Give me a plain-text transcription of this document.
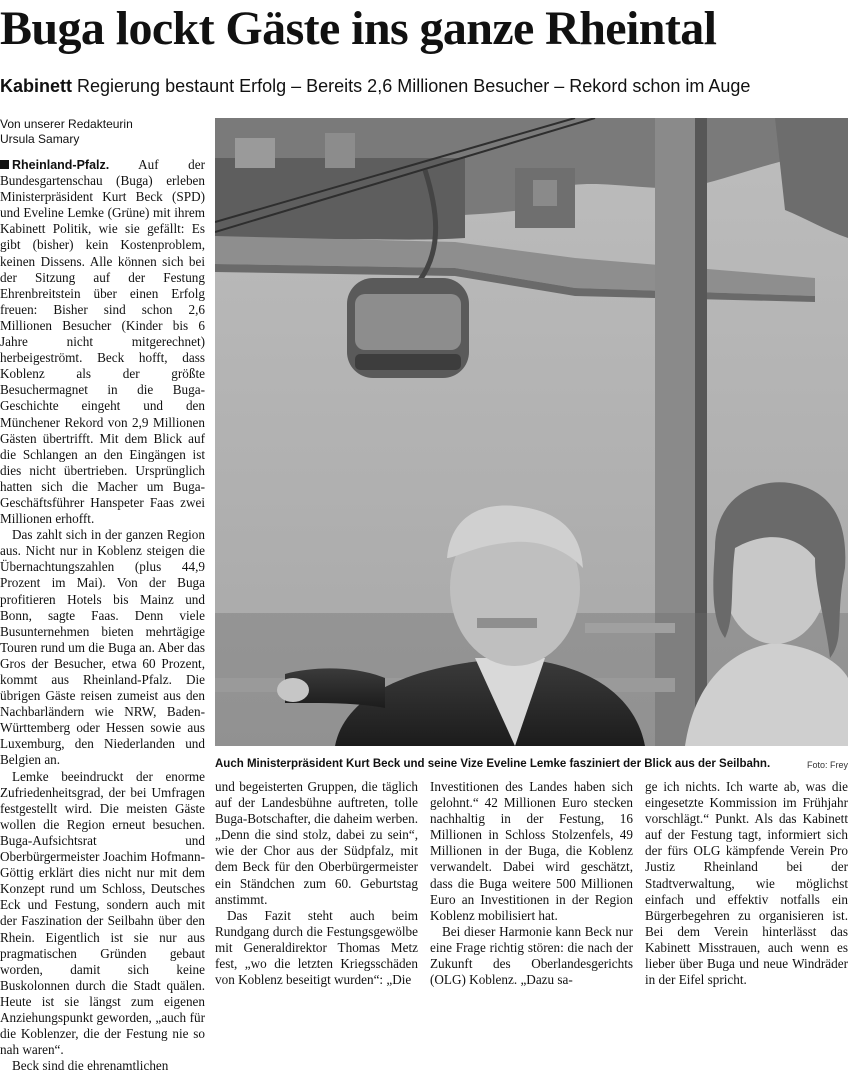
Buga lockt Gäste ins ganze Rheintal
Kabinett Regierung bestaunt Erfolg – Bereits 2,6 Millionen Besucher – Rekord schon im Auge
Von unserer Redakteurin
Ursula Samary

Rheinland-Pfalz. Auf der Bundesgartenschau (Buga) erleben Ministerpräsident Kurt Beck (SPD) und Eveline Lemke (Grüne) mit ihrem Kabinett Politik, wie sie gefällt: Es gibt (bisher) kein Kostenproblem, keinen Dissens. Alle können sich bei der Sitzung auf der Festung Ehrenbreitstein über einen Erfolg freuen: Bisher sind schon 2,6 Millionen Besucher (Kinder bis 6 Jahre nicht mitgerechnet) herbeigeströmt. Beck hofft, dass Koblenz als der größte Besuchermagnet in die Buga-Geschichte eingeht und den Münchener Rekord von 2,9 Millionen Gästen übertrifft. Mit dem Blick auf die Schlangen an den Eingängen ist dies nicht übertrieben. Ursprünglich hatten sich die Macher um Buga-Geschäftsführer Hanspeter Faas zwei Millionen erhofft.

Das zahlt sich in der ganzen Region aus. Nicht nur in Koblenz steigen die Übernachtungszahlen (plus 44,9 Prozent im Mai). Von der Buga profitieren Hotels bis Mainz und Bonn, sagte Faas. Denn viele Busunternehmen bieten mehrtägige Touren rund um die Buga an. Aber das Gros der Besucher, etwa 60 Prozent, kommt aus Rheinland-Pfalz. Die übrigen Gäste reisen zumeist aus den Nachbarländern wie NRW, Baden-Württemberg oder Hessen sowie aus Luxemburg, den Niederlanden und Belgien an.

Lemke beeindruckt der enorme Zufriedenheitsgrad, der bei Umfragen festgestellt wird. Die meisten Gäste wollen die Region erneut besuchen. Buga-Aufsichtsrat und Oberbürgermeister Joachim Hofmann-Göttig erklärt dies nicht nur mit dem Konzept rund um Schloss, Deutsches Eck und Festung, sondern auch mit der Faszination der Seilbahn über den Rhein. Eigentlich ist sie nur aus pragmatischen Gründen gebaut worden, damit sich keine Buskolonnen durch die Stadt quälen. Heute ist sie längst zum eigenen Anziehungspunkt geworden, „auch für die Koblenzer, die der Festung nie so nah waren“.

Beck sind die ehrenamtlichen

Auch Ministerpräsident Kurt Beck und seine Vize Eveline Lemke fasziniert der Blick aus der Seilbahn.	Foto: Frey

und begeisterten Gruppen, die täglich auf der Landesbühne auftreten, tolle Buga-Botschafter, die daheim werben. „Denn die sind stolz, dabei zu sein“, wie der Chor aus der Südpfalz, mit dem Beck für den Oberbürgermeister ein Ständchen zum 60. Geburtstag anstimmt.

Das Fazit steht auch beim Rundgang durch die Festungsgewölbe mit Generaldirektor Thomas Metz fest, „wo die letzten Kriegsschäden von Koblenz beseitigt wurden“: „Die

Investitionen des Landes haben sich gelohnt.“ 42 Millionen Euro stecken nachhaltig in der Festung, 16 Millionen in Schloss Stolzenfels, 49 Millionen in der Buga, die Koblenz verwandelt. Dabei wird geschätzt, dass die Buga weitere 500 Millionen Euro an Investitionen in der Region Koblenz mobilisiert hat.

Bei dieser Harmonie kann Beck nur eine Frage richtig stören: die nach der Zukunft des Oberlandesgerichts (OLG) Koblenz. „Dazu sa-

ge ich nichts. Ich warte ab, was die eingesetzte Kommission im Frühjahr vorschlägt.“ Punkt. Als das Kabinett auf der Festung tagt, informiert sich der fürs OLG kämpfende Verein Pro Justiz Rheinland bei der Stadtverwaltung, wie möglichst einfach und effektiv notfalls ein Bürgerbegehren zu organisieren ist. Bei dem Verein hinterlässt das Kabinett Misstrauen, auch wenn es lieber über Buga und neue Windräder in der Eifel spricht.
